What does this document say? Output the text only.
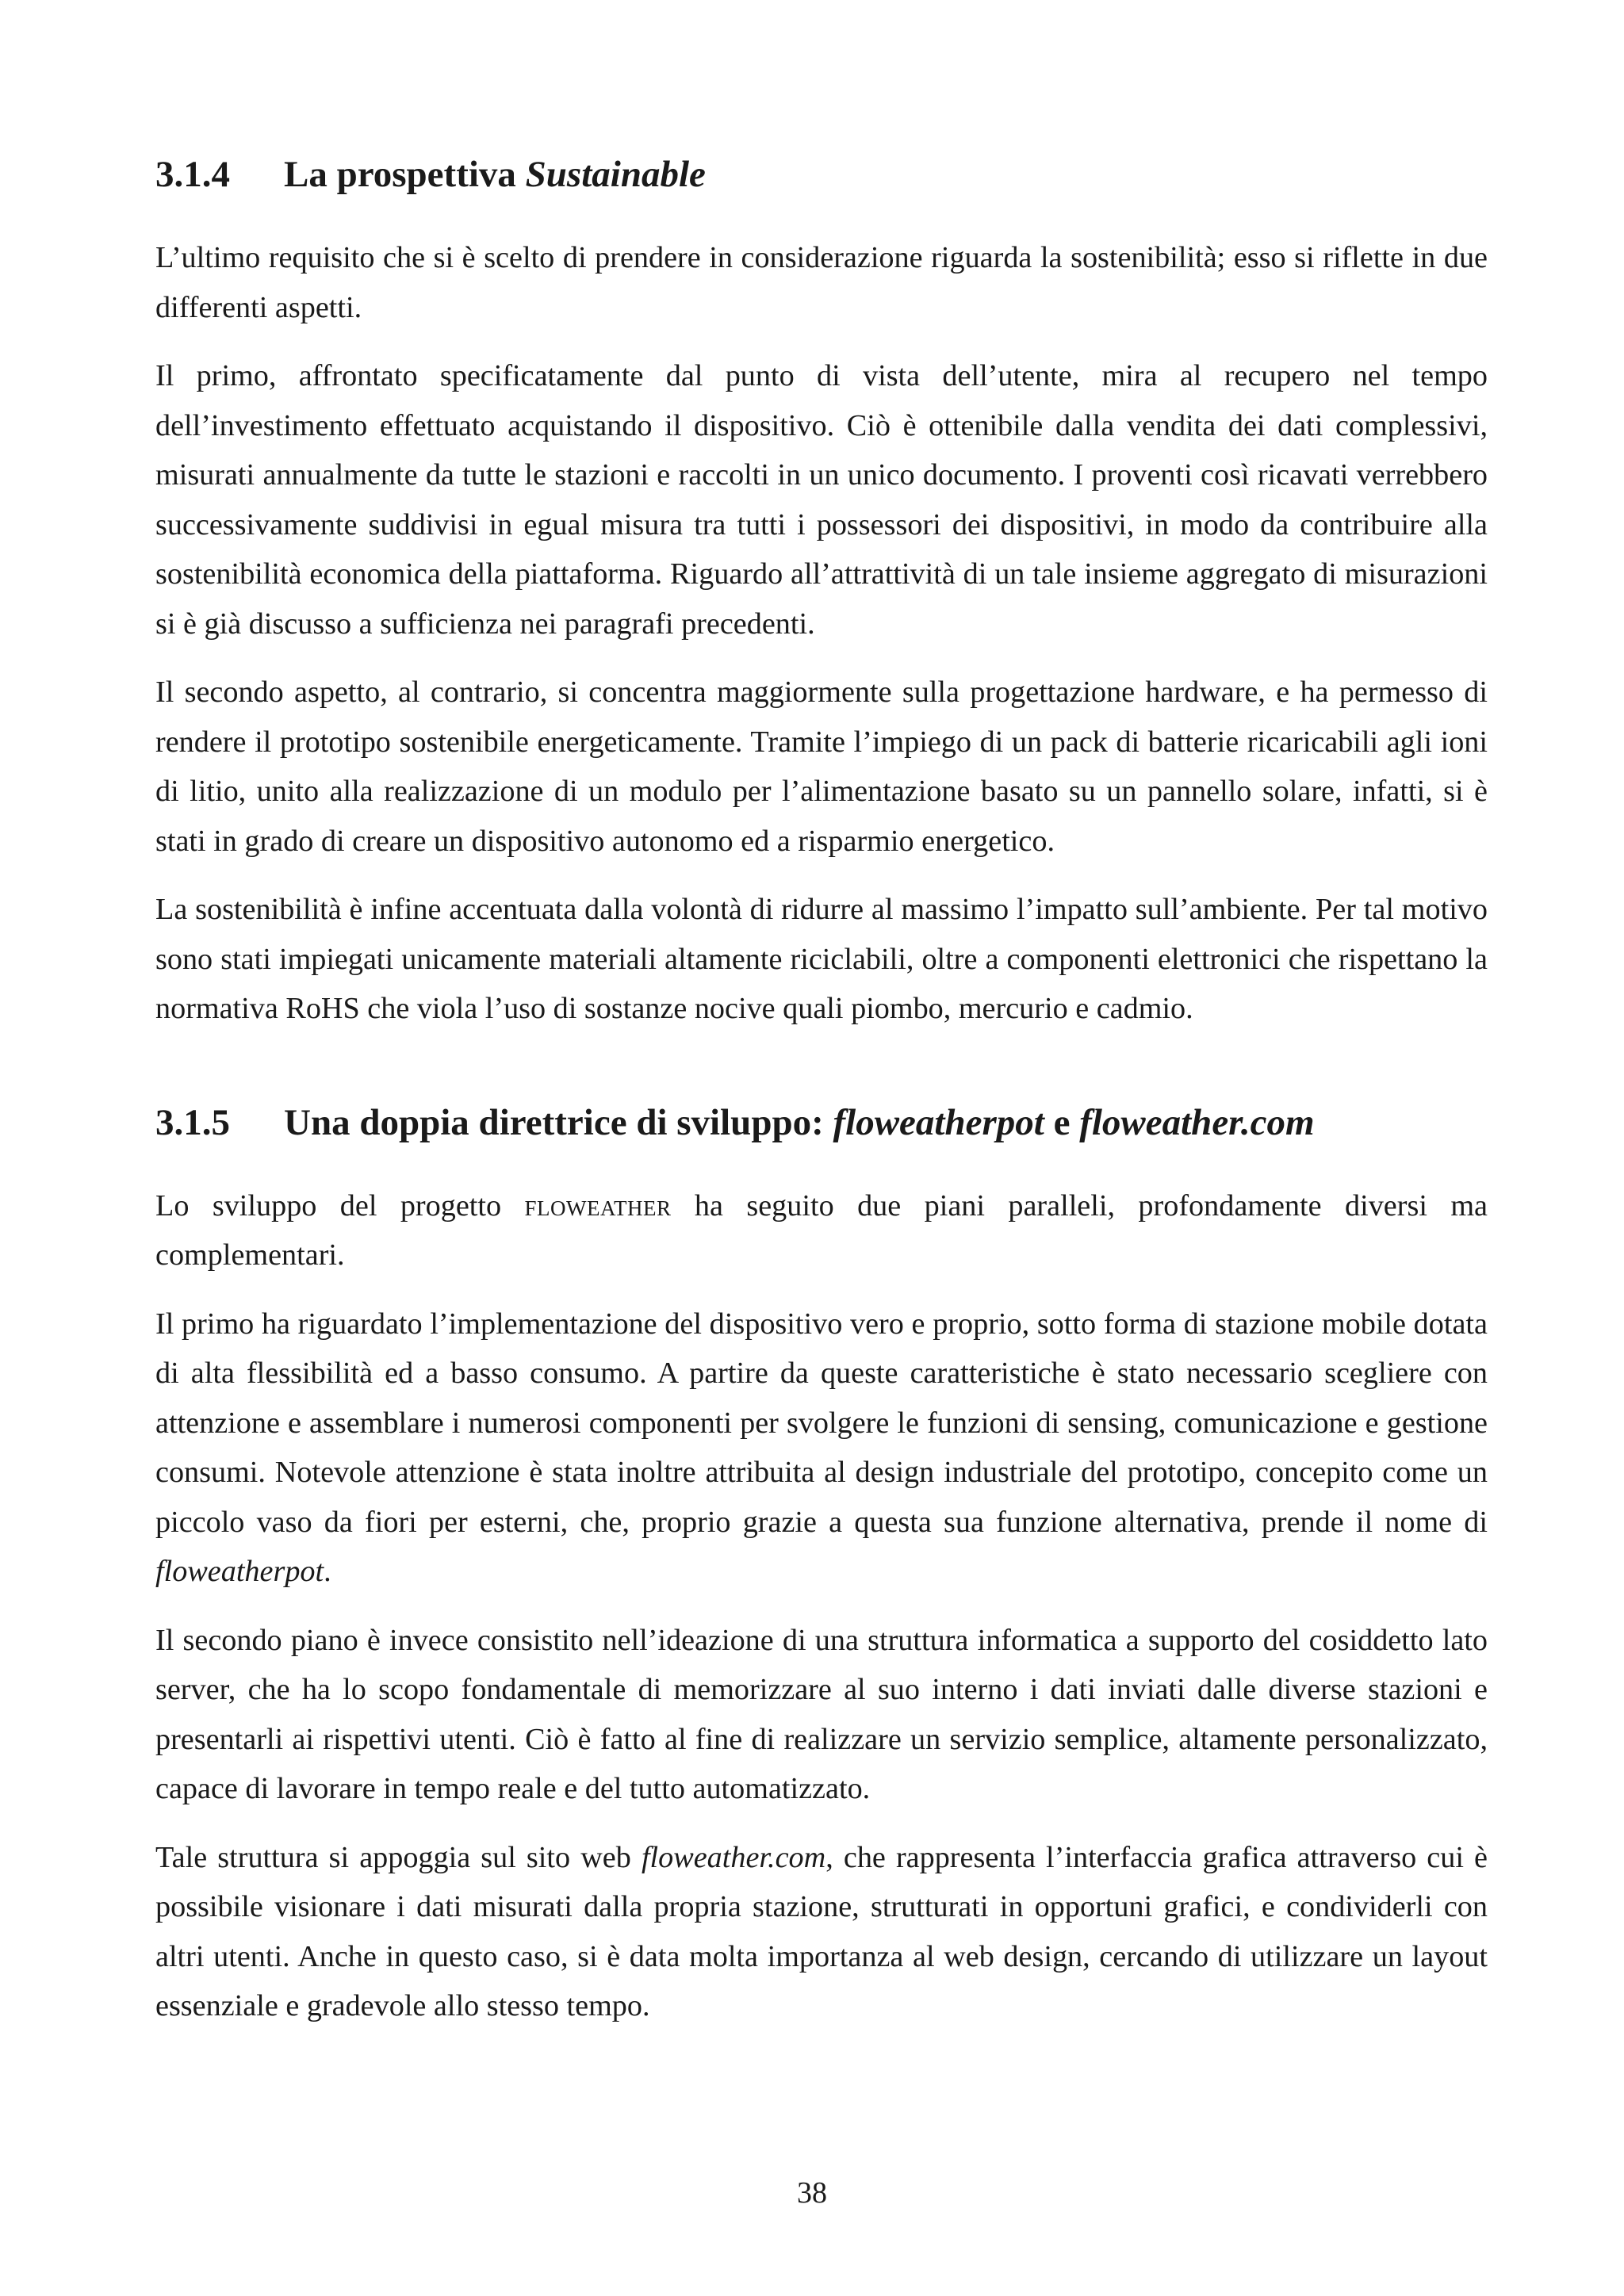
3.1.4	La prospettiva Sustainable

L’ultimo requisito che si è scelto di prendere in considerazione riguarda la sostenibilità; esso si riflette in due differenti aspetti.

Il primo, affrontato specificatamente dal punto di vista dell’utente, mira al recupero nel tempo dell’investimento effettuato acquistando il dispositivo. Ciò è ottenibile dalla vendita dei dati complessivi, misurati annualmente da tutte le stazioni e raccolti in un unico documento. I proventi così ricavati verrebbero successivamente suddivisi in egual misura tra tutti i possessori dei dispositivi, in modo da contribuire alla sostenibilità economica della piattaforma. Riguardo all’attrattività di un tale insieme aggregato di misurazioni si è già discusso a sufficienza nei paragrafi precedenti.

Il secondo aspetto, al contrario, si concentra maggiormente sulla progettazione hardware, e ha permesso di rendere il prototipo sostenibile energeticamente. Tramite l’impiego di un pack di batterie ricaricabili agli ioni di litio, unito alla realizzazione di un modulo per l’alimentazione basato su un pannello solare, infatti, si è stati in grado di creare un dispositivo autonomo ed a risparmio energetico.

La sostenibilità è infine accentuata dalla volontà di ridurre al massimo l’impatto sull’ambiente. Per tal motivo sono stati impiegati unicamente materiali altamente riciclabili, oltre a componenti elettronici che rispettano la normativa RoHS che viola l’uso di sostanze nocive quali piombo, mercurio e cadmio.

3.1.5	Una doppia direttrice di sviluppo: floweatherpot e floweather.com

Lo sviluppo del progetto floweather ha seguito due piani paralleli, profondamente diversi ma complementari.

Il primo ha riguardato l’implementazione del dispositivo vero e proprio, sotto forma di stazione mobile dotata di alta flessibilità ed a basso consumo. A partire da queste caratteristiche è stato necessario scegliere con attenzione e assemblare i numerosi componenti per svolgere le funzioni di sensing, comunicazione e gestione consumi. Notevole attenzione è stata inoltre attribuita al design industriale del prototipo, concepito come un piccolo vaso da fiori per esterni, che, proprio grazie a questa sua funzione alternativa, prende il nome di floweatherpot.

Il secondo piano è invece consistito nell’ideazione di una struttura informatica a supporto del cosiddetto lato server, che ha lo scopo fondamentale di memorizzare al suo interno i dati inviati dalle diverse stazioni e presentarli ai rispettivi utenti. Ciò è fatto al fine di realizzare un servizio semplice, altamente personalizzato, capace di lavorare in tempo reale e del tutto automatizzato.

Tale struttura si appoggia sul sito web floweather.com, che rappresenta l’interfaccia grafica attraverso cui è possibile visionare i dati misurati dalla propria stazione, strutturati in opportuni grafici, e condividerli con altri utenti. Anche in questo caso, si è data molta importanza al web design, cercando di utilizzare un layout essenziale e gradevole allo stesso tempo.

38
